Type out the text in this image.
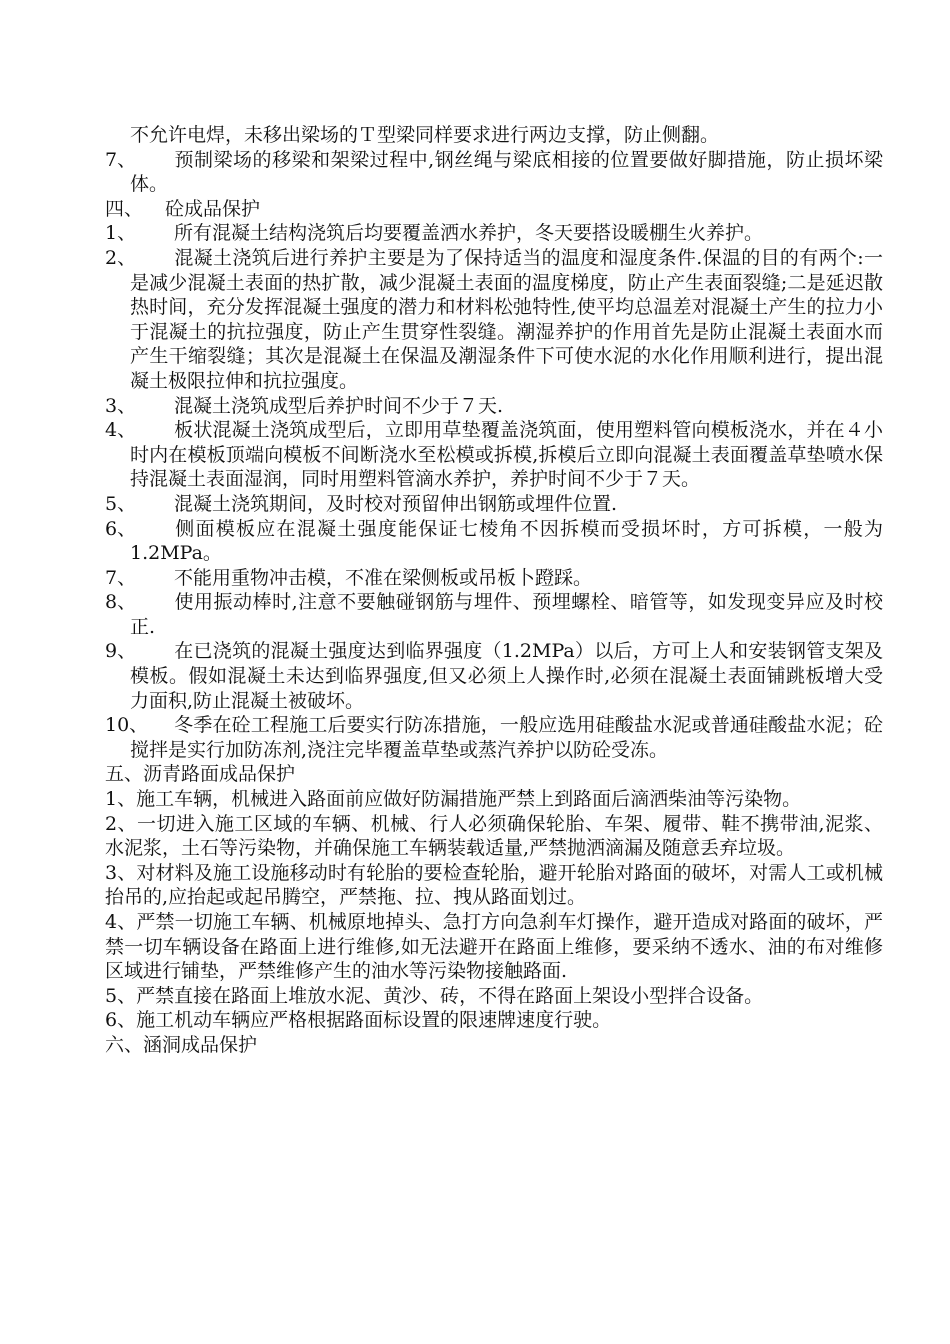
不允许电焊，未移出梁场的Ｔ型梁同样要求进行两边支撑，防止侧翻。
7、	预制梁场的移梁和架梁过程中,钢丝绳与梁底相接的位置要做好脚措施，防止损坏梁体。
四、 砼成品保护
1、	所有混凝土结构浇筑后均要覆盖洒水养护，冬天要搭设暖棚生火养护。
2、	混凝土浇筑后进行养护主要是为了保持适当的温度和湿度条件.保温的目的有两个:一是减少混凝土表面的热扩散，减少混凝土表面的温度梯度，防止产生表面裂缝;二是延迟散热时间，充分发挥混凝土强度的潜力和材料松弛特性,使平均总温差对混凝土产生的拉力小于混凝土的抗拉强度，防止产生贯穿性裂缝。潮湿养护的作用首先是防止混凝土表面水而产生干缩裂缝；其次是混凝土在保温及潮湿条件下可使水泥的水化作用顺利进行，提出混凝土极限拉伸和抗拉强度。
3、	混凝土浇筑成型后养护时间不少于７天.
4、	板状混凝土浇筑成型后，立即用草垫覆盖浇筑面，使用塑料管向模板浇水，并在４小时内在模板顶端向模板不间断浇水至松模或拆模,拆模后立即向混凝土表面覆盖草垫喷水保持混凝土表面湿润，同时用塑料管滴水养护，养护时间不少于７天。
5、	混凝土浇筑期间，及时校对预留伸出钢筋或埋件位置.
6、	侧面模板应在混凝土强度能保证七棱角不因拆模而受损坏时，方可拆模，一般为 1.2MPa。
7、	不能用重物冲击模，不准在梁侧板或吊板卜蹬踩。
8、	使用振动棒时,注意不要触碰钢筋与埋件、预埋螺栓、暗管等，如发现变异应及时校正.
9、	在已浇筑的混凝土强度达到临界强度（1.2MPa）以后，方可上人和安装钢管支架及模板。假如混凝土未达到临界强度,但又必须上人操作时,必须在混凝土表面铺跳板增大受力面积,防止混凝土被破坏。
10、	冬季在砼工程施工后要实行防冻措施，一般应选用硅酸盐水泥或普通硅酸盐水泥；砼搅拌是实行加防冻剂,浇注完毕覆盖草垫或蒸汽养护以防砼受冻。
五、沥青路面成品保护
1、施工车辆，机械进入路面前应做好防漏措施严禁上到路面后滴洒柴油等污染物。
2、一切进入施工区域的车辆、机械、行人必须确保轮胎、车架、履带、鞋不携带油,泥浆、水泥浆，土石等污染物，并确保施工车辆装载适量,严禁抛洒滴漏及随意丢弃垃圾。
3、对材料及施工设施移动时有轮胎的要检查轮胎，避开轮胎对路面的破坏，对需人工或机械抬吊的,应抬起或起吊腾空，严禁拖、拉、拽从路面划过。
4、严禁一切施工车辆、机械原地掉头、急打方向急刹车灯操作，避开造成对路面的破坏，严禁一切车辆设备在路面上进行维修,如无法避开在路面上维修，要采纳不透水、油的布对维修区域进行铺垫，严禁维修产生的油水等污染物接触路面.
5、严禁直接在路面上堆放水泥、黄沙、砖，不得在路面上架设小型拌合设备。
6、施工机动车辆应严格根据路面标设置的限速牌速度行驶。
六、涵洞成品保护
